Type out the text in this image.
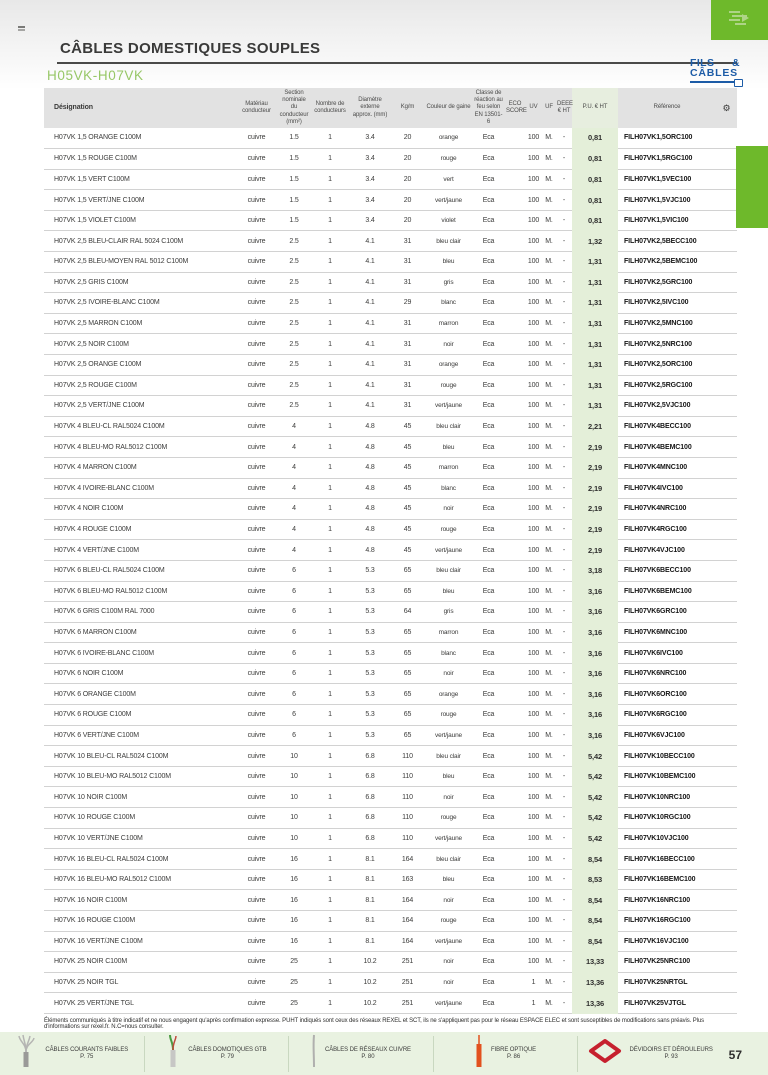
CÂBLES DOMESTIQUES SOUPLES
H05VK-H07VK
FILS &
CÂBLES
Désignation	Matériau conducteur	Section nominale du conducteur (mm²)	Nombre de conducteurs	Diamètre externe approx. (mm)	Kg/m	Couleur de gaine	Classe de réaction au feu selon EN 13501-6	ECO SCORE	UV	UF	DEEE € HT	P.U. € HT	Référence	⚙
H07VK 1,5 ORANGE C100M	cuivre	1.5	1	3.4	20	orange	Eca		100	M.	-	0,81	FILH07VK1,5ORC100	
H07VK 1,5 ROUGE C100M	cuivre	1.5	1	3.4	20	rouge	Eca		100	M.	-	0,81	FILH07VK1,5RGC100	
H07VK 1,5 VERT C100M	cuivre	1.5	1	3.4	20	vert	Eca		100	M.	-	0,81	FILH07VK1,5VEC100	
H07VK 1,5 VERT/JNE C100M	cuivre	1.5	1	3.4	20	vert/jaune	Eca		100	M.	-	0,81	FILH07VK1,5VJC100	
H07VK 1,5 VIOLET C100M	cuivre	1.5	1	3.4	20	violet	Eca		100	M.	-	0,81	FILH07VK1,5VIC100	
H07VK 2,5 BLEU-CLAIR RAL 5024 C100M	cuivre	2.5	1	4.1	31	bleu clair	Eca		100	M.	-	1,32	FILH07VK2,5BECC100	
H07VK 2,5 BLEU-MOYEN RAL 5012 C100M	cuivre	2.5	1	4.1	31	bleu	Eca		100	M.	-	1,31	FILH07VK2,5BEMC100	
H07VK 2,5 GRIS C100M	cuivre	2.5	1	4.1	31	gris	Eca		100	M.	-	1,31	FILH07VK2,5GRC100	
H07VK 2,5 IVOIRE-BLANC C100M	cuivre	2.5	1	4.1	29	blanc	Eca		100	M.	-	1,31	FILH07VK2,5IVC100	
H07VK 2,5 MARRON C100M	cuivre	2.5	1	4.1	31	marron	Eca		100	M.	-	1,31	FILH07VK2,5MNC100	
H07VK 2,5 NOIR C100M	cuivre	2.5	1	4.1	31	noir	Eca		100	M.	-	1,31	FILH07VK2,5NRC100	
H07VK 2,5 ORANGE C100M	cuivre	2.5	1	4.1	31	orange	Eca		100	M.	-	1,31	FILH07VK2,5ORC100	
H07VK 2,5 ROUGE C100M	cuivre	2.5	1	4.1	31	rouge	Eca		100	M.	-	1,31	FILH07VK2,5RGC100	
H07VK 2,5 VERT/JNE C100M	cuivre	2.5	1	4.1	31	vert/jaune	Eca		100	M.	-	1,31	FILH07VK2,5VJC100	
H07VK 4 BLEU-CL RAL5024 C100M	cuivre	4	1	4.8	45	bleu clair	Eca		100	M.	-	2,21	FILH07VK4BECC100	
H07VK 4 BLEU-MO RAL5012 C100M	cuivre	4	1	4.8	45	bleu	Eca		100	M.	-	2,19	FILH07VK4BEMC100	
H07VK 4 MARRON C100M	cuivre	4	1	4.8	45	marron	Eca		100	M.	-	2,19	FILH07VK4MNC100	
H07VK 4 IVOIRE-BLANC C100M	cuivre	4	1	4.8	45	blanc	Eca		100	M.	-	2,19	FILH07VK4IVC100	
H07VK 4 NOIR C100M	cuivre	4	1	4.8	45	noir	Eca		100	M.	-	2,19	FILH07VK4NRC100	
H07VK 4 ROUGE C100M	cuivre	4	1	4.8	45	rouge	Eca		100	M.	-	2,19	FILH07VK4RGC100	
H07VK 4 VERT/JNE C100M	cuivre	4	1	4.8	45	vert/jaune	Eca		100	M.	-	2,19	FILH07VK4VJC100	
H07VK 6 BLEU-CL RAL5024 C100M	cuivre	6	1	5.3	65	bleu clair	Eca		100	M.	-	3,18	FILH07VK6BECC100	
H07VK 6 BLEU-MO RAL5012 C100M	cuivre	6	1	5.3	65	bleu	Eca		100	M.	-	3,16	FILH07VK6BEMC100	
H07VK 6 GRIS C100M RAL 7000	cuivre	6	1	5.3	64	gris	Eca		100	M.	-	3,16	FILH07VK6GRC100	
H07VK 6 MARRON C100M	cuivre	6	1	5.3	65	marron	Eca		100	M.	-	3,16	FILH07VK6MNC100	
H07VK 6 IVOIRE-BLANC C100M	cuivre	6	1	5.3	65	blanc	Eca		100	M.	-	3,16	FILH07VK6IVC100	
H07VK 6 NOIR C100M	cuivre	6	1	5.3	65	noir	Eca		100	M.	-	3,16	FILH07VK6NRC100	
H07VK 6 ORANGE C100M	cuivre	6	1	5.3	65	orange	Eca		100	M.	-	3,16	FILH07VK6ORC100	
H07VK 6 ROUGE C100M	cuivre	6	1	5.3	65	rouge	Eca		100	M.	-	3,16	FILH07VK6RGC100	
H07VK 6 VERT/JNE C100M	cuivre	6	1	5.3	65	vert/jaune	Eca		100	M.	-	3,16	FILH07VK6VJC100	
H07VK 10 BLEU-CL RAL5024 C100M	cuivre	10	1	6.8	110	bleu clair	Eca		100	M.	-	5,42	FILH07VK10BECC100	
H07VK 10 BLEU-MO RAL5012 C100M	cuivre	10	1	6.8	110	bleu	Eca		100	M.	-	5,42	FILH07VK10BEMC100	
H07VK 10 NOIR C100M	cuivre	10	1	6.8	110	noir	Eca		100	M.	-	5,42	FILH07VK10NRC100	
H07VK 10 ROUGE C100M	cuivre	10	1	6.8	110	rouge	Eca		100	M.	-	5,42	FILH07VK10RGC100	
H07VK 10 VERT/JNE C100M	cuivre	10	1	6.8	110	vert/jaune	Eca		100	M.	-	5,42	FILH07VK10VJC100	
H07VK 16 BLEU-CL RAL5024 C100M	cuivre	16	1	8.1	164	bleu clair	Eca		100	M.	-	8,54	FILH07VK16BECC100	
H07VK 16 BLEU-MO RAL5012 C100M	cuivre	16	1	8.1	163	bleu	Eca		100	M.	-	8,53	FILH07VK16BEMC100	
H07VK 16 NOIR C100M	cuivre	16	1	8.1	164	noir	Eca		100	M.	-	8,54	FILH07VK16NRC100	
H07VK 16 ROUGE C100M	cuivre	16	1	8.1	164	rouge	Eca		100	M.	-	8,54	FILH07VK16RGC100	
H07VK 16 VERT/JNE C100M	cuivre	16	1	8.1	164	vert/jaune	Eca		100	M.	-	8,54	FILH07VK16VJC100	
H07VK 25 NOIR C100M	cuivre	25	1	10.2	251	noir	Eca		100	M.	-	13,33	FILH07VK25NRC100	
H07VK 25 NOIR TGL	cuivre	25	1	10.2	251	noir	Eca		1	M.	-	13,36	FILH07VK25NRTGL	
H07VK 25 VERT/JNE TGL	cuivre	25	1	10.2	251	vert/jaune	Eca		1	M.	-	13,36	FILH07VK25VJTGL	
Éléments communiqués à titre indicatif et ne nous engagent qu'après confirmation expresse. PUHT indiqués sont ceux des réseaux REXEL et SCT, ils ne s'appliquent pas pour le réseau ESPACE ELEC et sont susceptibles de modifications sans préavis. Plus d'informations sur rexel.fr. N.C=nous consulter.
CÂBLES COURANTS FAIBLES
P. 75
CÂBLES DOMOTIQUES GTB
P. 79
CÂBLES DE RÉSEAUX CUIVRE
P. 80
FIBRE OPTIQUE
P. 86
DÉVIDOIRS ET DÉROULEURS
P. 93	57
